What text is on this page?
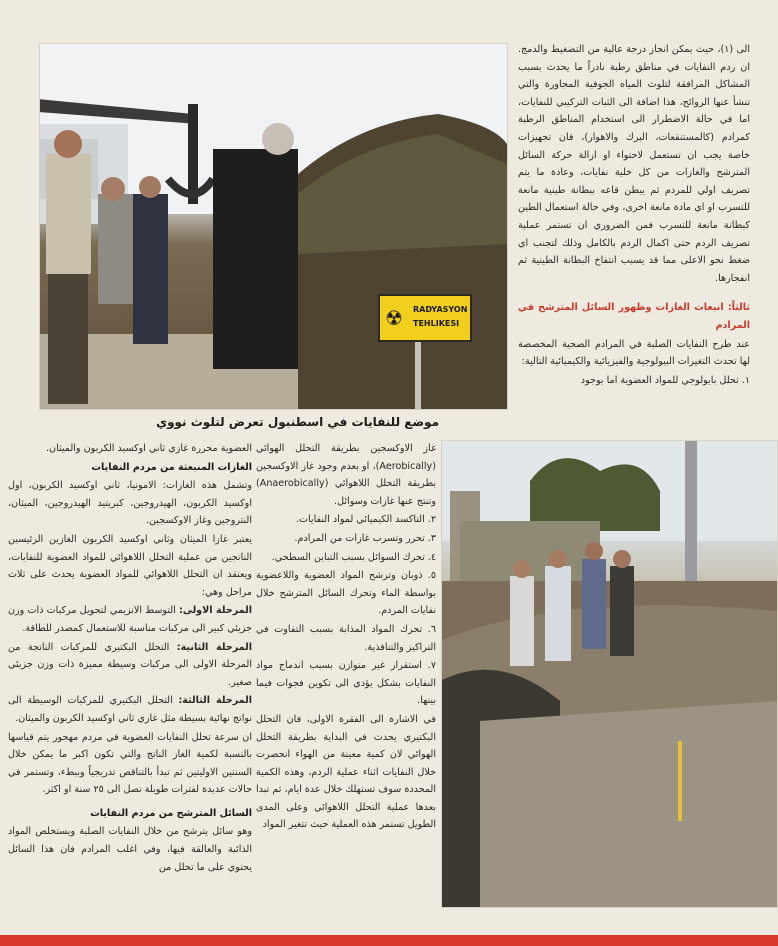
☢ RADYASYON
TEHLIKESI
موضع للنفايات في اسطنبول تعرض لتلوث نووي

الى (١)، حيث يمكن انجاز درجة عالية من التضغيط والدمج. ان ردم النفايات في مناطق رطبة نادراً ما يحدث بسبب المشاكل المرافقة لتلوث المياه الجوفية المجاورة والتي تنشأ عنها الروائح، هذا اضافة الى الثبات التركيبي للنفايات، اما في حالة الاضطرار الى استخدام المناطق الرطبة كمرادم (كالمستنقعات، البرك والاهوار)، فان تجهيزات خاصة يجب ان تستعمل لاحتواء او ازالة حركة السائل المترشح والغازات من كل خلية نفايات، وعادة ما يتم تصريف اولي للمردم ثم يبطن قاعه ببطانة طينية مانعة للتسرب او اي مادة مانعة اخرى، وفي حالة استعمال الطين كبطانة مانعة للتسرب فمن الضروري ان تستمر عملية تصريف الردم حتى اكمال الردم بالكامل وذلك لتجنب اي ضغط نحو الاعلى مما قد يسبب انتفاخ البطانة الطينية ثم انفجارها.

ثالثاً: انبعاث الغازات وظهور السائل المترشح في المرادم

عند طرح النفايات الصلبة في المرادم الصحية المخصصة لها تحدث التغيرات البيولوجية والفيزيائية والكيميائية التالية:

١. تحلل بايولوجي للمواد العضوية اما بوجود

غاز الاوكسجين بطريقة التحلل الهوائي (Aerobically)، او بعدم وجود غاز الاوكسجين بطريقة التحلل اللاهوائي (Anaerobically) وتنتج عنها غازات وسوائل.

٢. التاكسد الكيميائي لمواد النفايات.

٣. تحرر وتسرب غازات من المرادم.

٤. تحرك السوائل بسبب التباين السطحي.

٥. ذوبان وترشح المواد العضوية واللاعضوية بواسطة الماء وتحرك السائل المترشح خلال نفايات المردم.

٦. تحرك المواد المذابة بسبب التفاوت في التراكيز والتنافذية.

٧. استقرار غير متوازن بسبب اندماج مواد النفايات بشكل يؤدي الى تكوين فجوات فيما بينها.

في الاشارة الى الفقرة الاولى، فان التحلل البكتيري يحدث في البداية بطريقة التحلل الهوائي لان كمية معينة من الهواء انحصرت خلال النفايات اثناء عملية الردم، وهذه الكمية المحددة سوف تستهلك خلال عدة ايام، ثم تبدا بعدها عملية التحلل اللاهوائي وعلى المدى الطويل تستمر هذه العملية حيث تتغير المواد

العضوية محررة غازي ثاني اوكسيد الكربون والميثان.

الغازات المنبعثة من مردم النفايات

وتشمل هذه الغازات: الامونيا، ثاني اوكسيد الكربون، اول اوكسيد الكربون، الهيدروجين، كبريتيد الهيدروجين، الميثان، النتروجين وغاز الاوكسجين.

يعتبر غازا الميثان وثاني اوكسيد الكربون الغازين الرئيسين الناتجين من عملية التحلل اللاهوائي للمواد العضوية للنفايات، ويعتقد ان التحلل اللاهوائي للمواد العضوية يحدث على ثلاث مراحل وهي:

المرحلة الاولى: التوسط الانزيمي لتحويل مركبات ذات وزن جزيئي كبير الى مركبات مناسبة للاستعمال كمصدر للطاقة.

المرحلة الثانية: التحلل البكتيري للمركبات الناتجة من المرحلة الاولى الى مركبات وسيطة مميزة ذات وزن جزيئي صغير.

المرحلة الثالثة: التحلل البكتيري للمركبات الوسيطة الى نواتج نهائية بسيطة مثل غازي ثاني اوكسيد الكربون والميثان.

ان سرعة تحلل النفايات العضوية في مردم مهجور يتم قياسها بالنسبة لكمية الغاز الناتج والتي تكون اكبر ما يمكن خلال السنتين الاوليتين ثم تبدأ بالتناقص تدريجياً وببطء، وتستمر في حالات عديدة لفترات طويلة تصل الى ٢٥ سنة او اكثر.

السائل المترشح من مردم النفايات

وهو سائل يترشح من خلال النفايات الصلبة ويستخلص المواد الذائبة والعالقة فيها، وفي اغلب المرادم فان هذا السائل يحتوي على ما تحلل من
